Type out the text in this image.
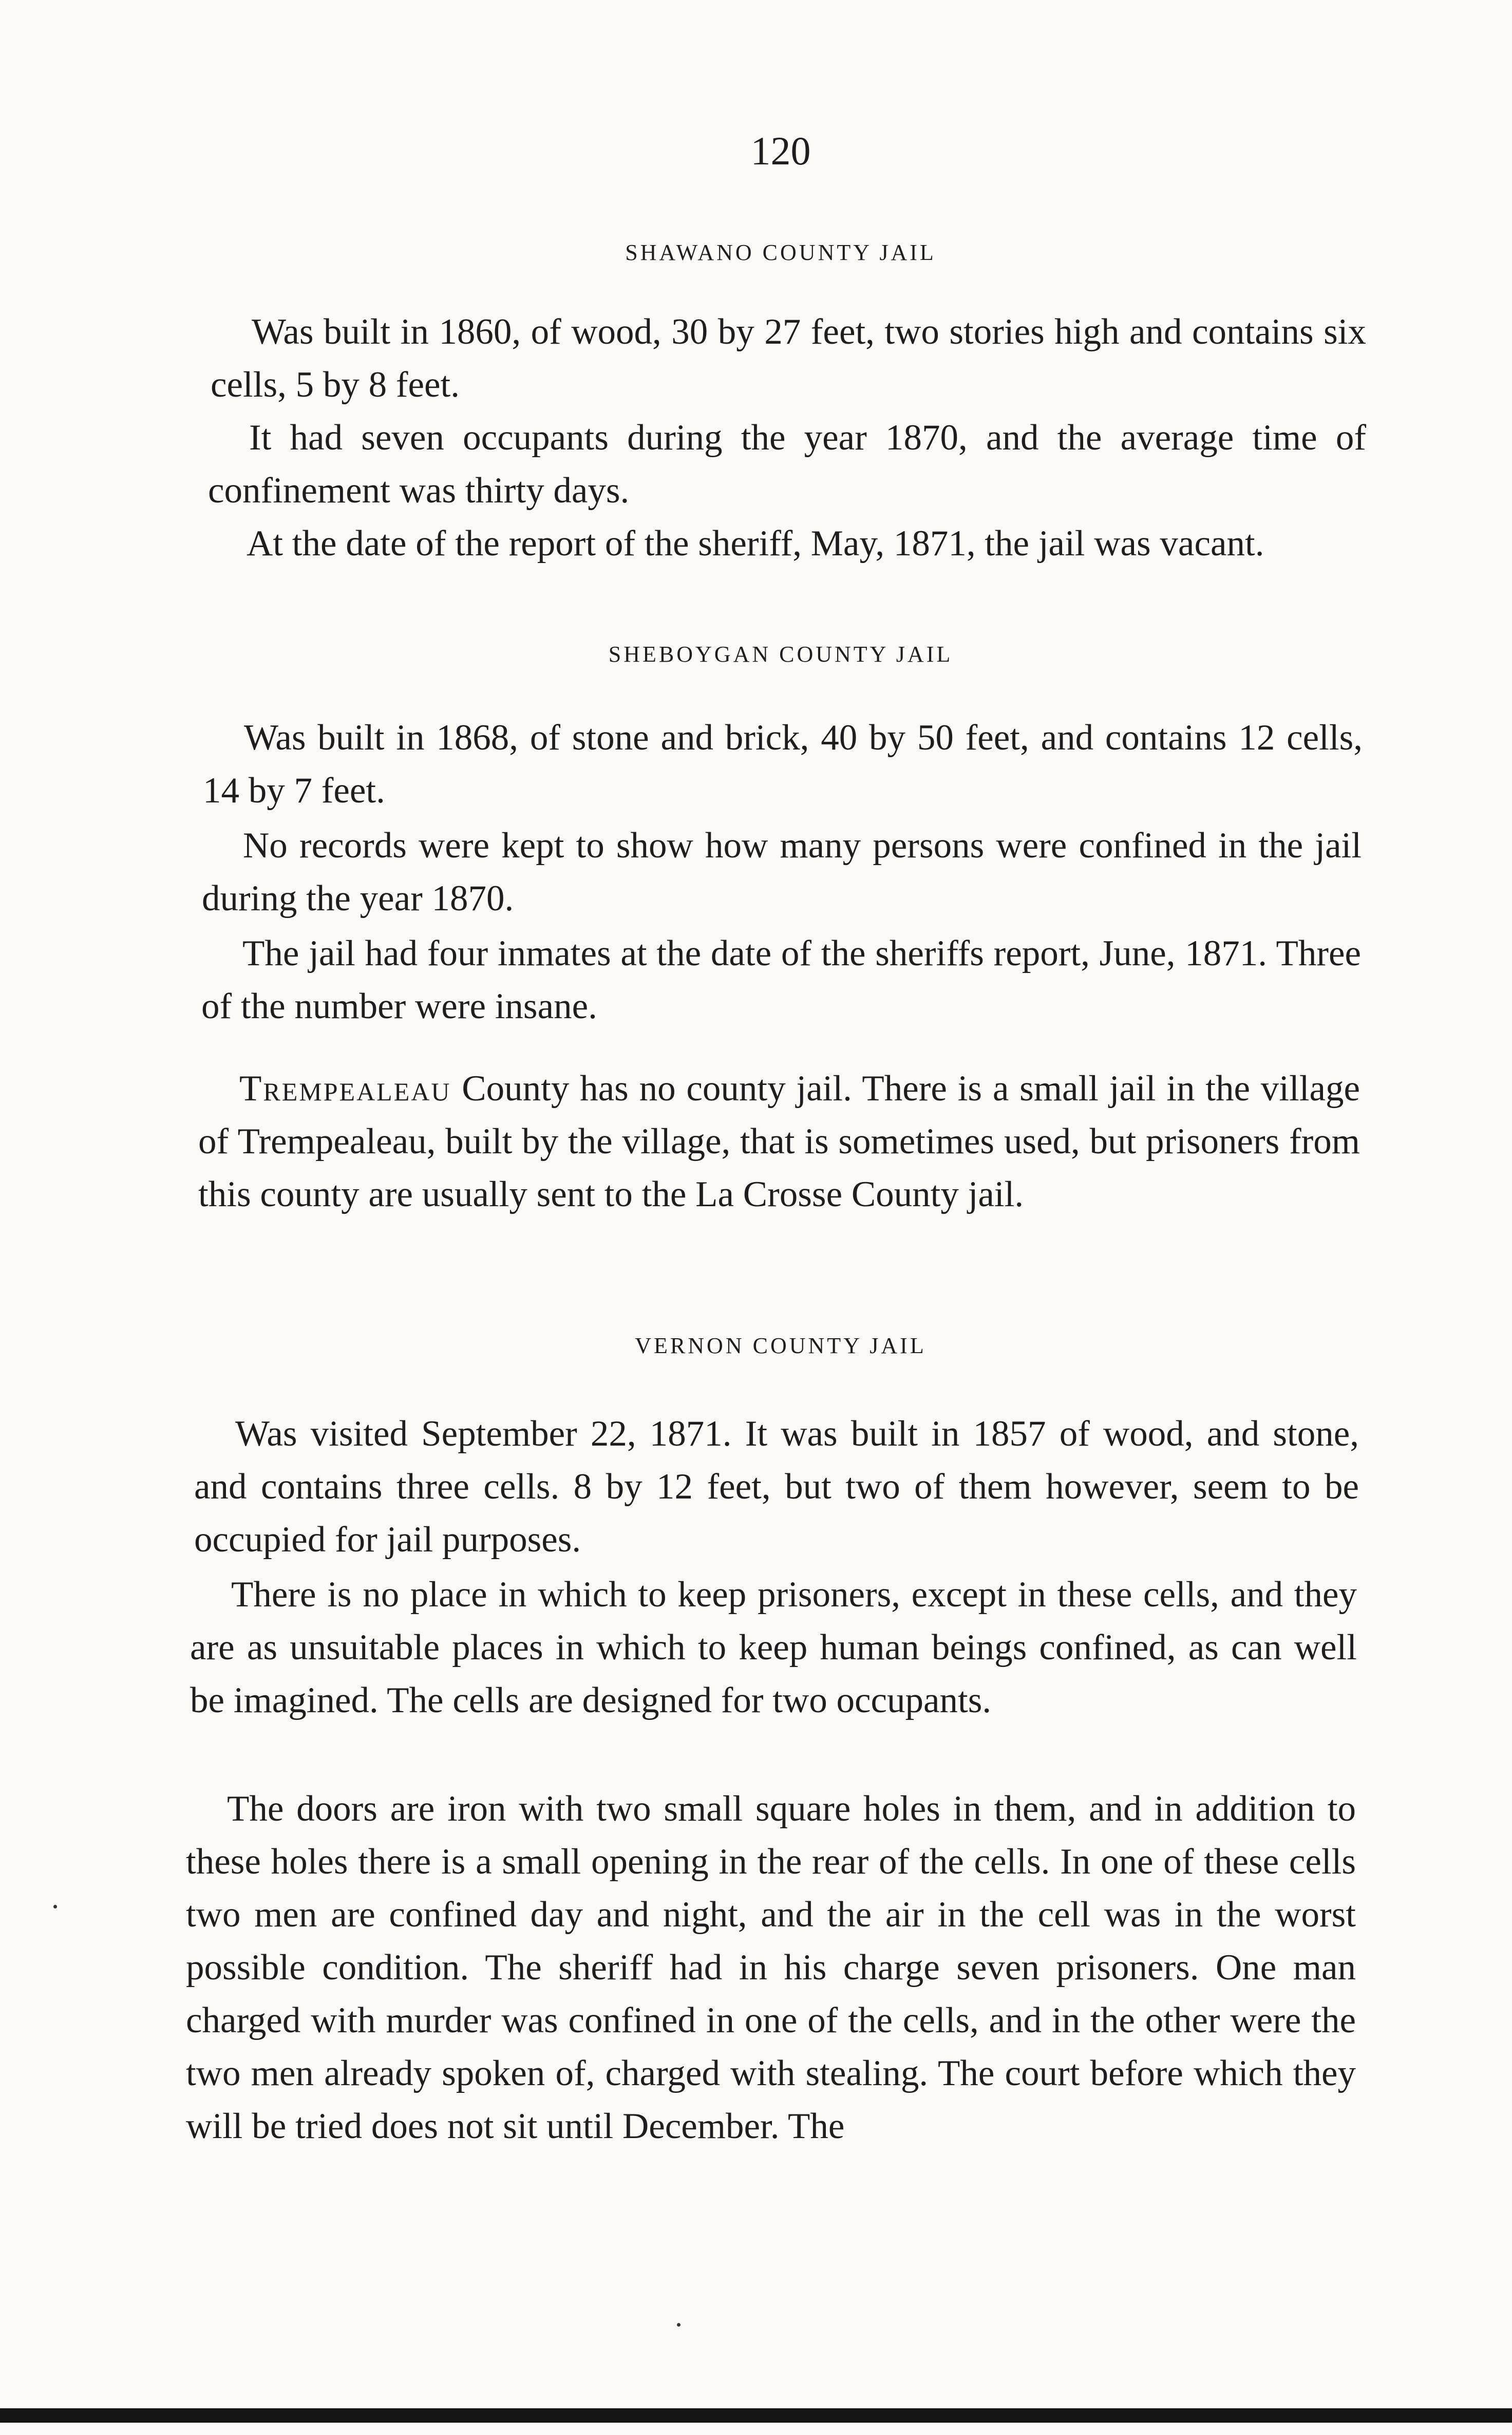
120
SHAWANO COUNTY JAIL

Was built in 1860, of wood, 30 by 27 feet, two stories high and contains six cells, 5 by 8 feet.

It had seven occupants during the year 1870, and the average time of confinement was thirty days.

At the date of the report of the sheriff, May, 1871, the jail was vacant.

SHEBOYGAN COUNTY JAIL

Was built in 1868, of stone and brick, 40 by 50 feet, and contains 12 cells, 14 by 7 feet.

No records were kept to show how many persons were confined in the jail during the year 1870.

The jail had four inmates at the date of the sheriffs report, June, 1871. Three of the number were insane.

Trempealeau County has no county jail. There is a small jail in the village of Trempealeau, built by the village, that is sometimes used, but prisoners from this county are usually sent to the La Crosse County jail.

VERNON COUNTY JAIL

Was visited September 22, 1871. It was built in 1857 of wood, and stone, and contains three cells. 8 by 12 feet, but two of them however, seem to be occupied for jail purposes.

There is no place in which to keep prisoners, except in these cells, and they are as unsuitable places in which to keep human beings confined, as can well be imagined. The cells are designed for two occupants.

The doors are iron with two small square holes in them, and in addition to these holes there is a small opening in the rear of the cells. In one of these cells two men are confined day and night, and the air in the cell was in the worst possible condition. The sheriff had in his charge seven prisoners. One man charged with murder was confined in one of the cells, and in the other were the two men already spoken of, charged with stealing. The court before which they will be tried does not sit until December. The
